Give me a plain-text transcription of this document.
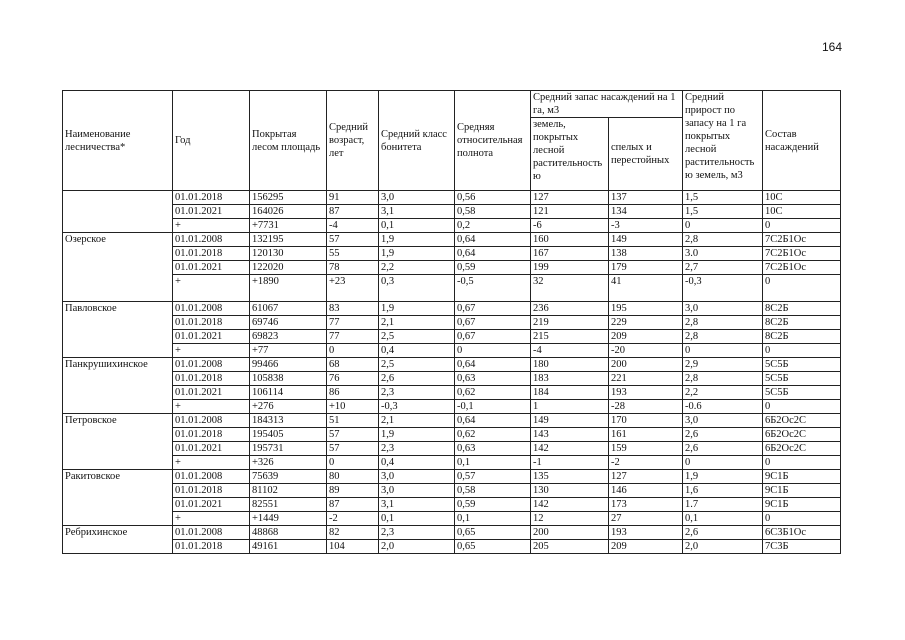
164
Наименование лесничества*	Год	Покрытая лесом площадь	Средний возраст, лет	Средний класс бонитета	Средняя относительная полнота	Средний запас насаждений на 1 га, м3		Средний прирост по запасу на 1 га покрытых лесной растительность ю земель, м3	Состав насаждений
						земель, покрытых лесной растительность ю	спелых и перестойных		
	01.01.2018	156295	91	3,0	0,56	127	137	1,5	10С
	01.01.2021	164026	87	3,1	0,58	121	134	1,5	10С
	+	+7731	-4	0,1	0,2	-6	-3	0	0
Озерское	01.01.2008	132195	57	1,9	0,64	160	149	2,8	7С2Б1Ос
	01.01.2018	120130	55	1,9	0,64	167	138	3.0	7С2Б1Ос
	01.01.2021	122020	78	2,2	0,59	199	179	2,7	7С2Б1Ос
	+	+1890	+23	0,3	-0,5	32	41	-0,3	0
Павловское	01.01.2008	61067	83	1,9	0,67	236	195	3,0	8С2Б
	01.01.2018	69746	77	2,1	0,67	219	229	2,8	8С2Б
	01.01.2021	69823	77	2,5	0,67	215	209	2,8	8С2Б
	+	+77	0	0,4	0	-4	-20	0	0
Панкрушихинское	01.01.2008	99466	68	2,5	0,64	180	200	2,9	5С5Б
	01.01.2018	105838	76	2,6	0,63	183	221	2,8	5С5Б
	01.01.2021	106114	86	2,3	0,62	184	193	2,2	5С5Б
	+	+276	+10	-0,3	-0,1	1	-28	-0.6	0
Петровское	01.01.2008	184313	51	2,1	0,64	149	170	3,0	6Б2Ос2С
	01.01.2018	195405	57	1,9	0,62	143	161	2,6	6Б2Ос2С
	01.01.2021	195731	57	2,3	0,63	142	159	2,6	6Б2Ос2С
	+	+326	0	0,4	0,1	-1	-2	0	0
Ракитовское	01.01.2008	75639	80	3,0	0,57	135	127	1,9	9С1Б
	01.01.2018	81102	89	3,0	0,58	130	146	1,6	9С1Б
	01.01.2021	82551	87	3,1	0,59	142	173	1.7	9С1Б
	+	+1449	-2	0,1	0,1	12	27	0,1	0
Ребрихинское	01.01.2008	48868	82	2,3	0,65	200	193	2,6	6С3Б1Ос
	01.01.2018	49161	104	2,0	0,65	205	209	2,0	7С3Б
